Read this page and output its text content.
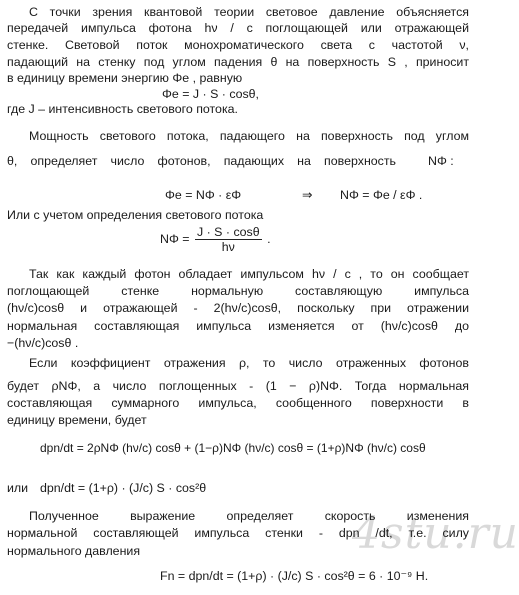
С точки зрения квантовой теории световое давление объясняется
передачей импульса фотона hν / c поглощающей или отражающей
стенке. Световой поток монохроматического света с частотой ν,
падающий на стенку под углом падения θ на поверхность S , приносит
в единицу времени энергию Φe , равную
Φe = J · S · cosθ,
где J – интенсивность светового потока.
Мощность светового потока, падающего на поверхность под углом
θ, определяет число фотонов, падающих на поверхность	NΦ :
Φe = NΦ · εΦ	⇒ NΦ = Φe / εΦ .
Или с учетом определения светового потока
$N\Phi = \frac{J \cdot S \cdot \cos\theta}{h\nu}$ .
Так как каждый фотон обладает импульсом hν / c , то он сообщает
поглощающей стенке нормальную составляющую импульса
(hν/c)cosθ и отражающей - 2(hν/c)cosθ, поскольку при отражении
нормальная составляющая импульса изменяется от (hν/c)cosθ до
−(hν/c)cosθ .
Если коэффициент отражения ρ, то число отраженных фотонов
будет ρNΦ, а число поглощенных - (1 − ρ)NΦ. Тогда нормальная
составляющая суммарного импульса, сообщенного поверхности в
единицу времени, будет
dpn/dt = 2ρNΦ (hν/c) cosθ + (1−ρ)NΦ (hν/c) cosθ = (1+ρ)NΦ (hν/c) cosθ
или dpn/dt = (1+ρ) · (J/c) S · cos²θ
4stu.ru
Полученное выражение определяет скорость изменения
нормальной составляющей импульса стенки - dpn /dt, т.е. силу
нормального давления
Fn = dpn/dt = (1+ρ) · (J/c) S · cos²θ = 6 · 10⁻⁹ H.
